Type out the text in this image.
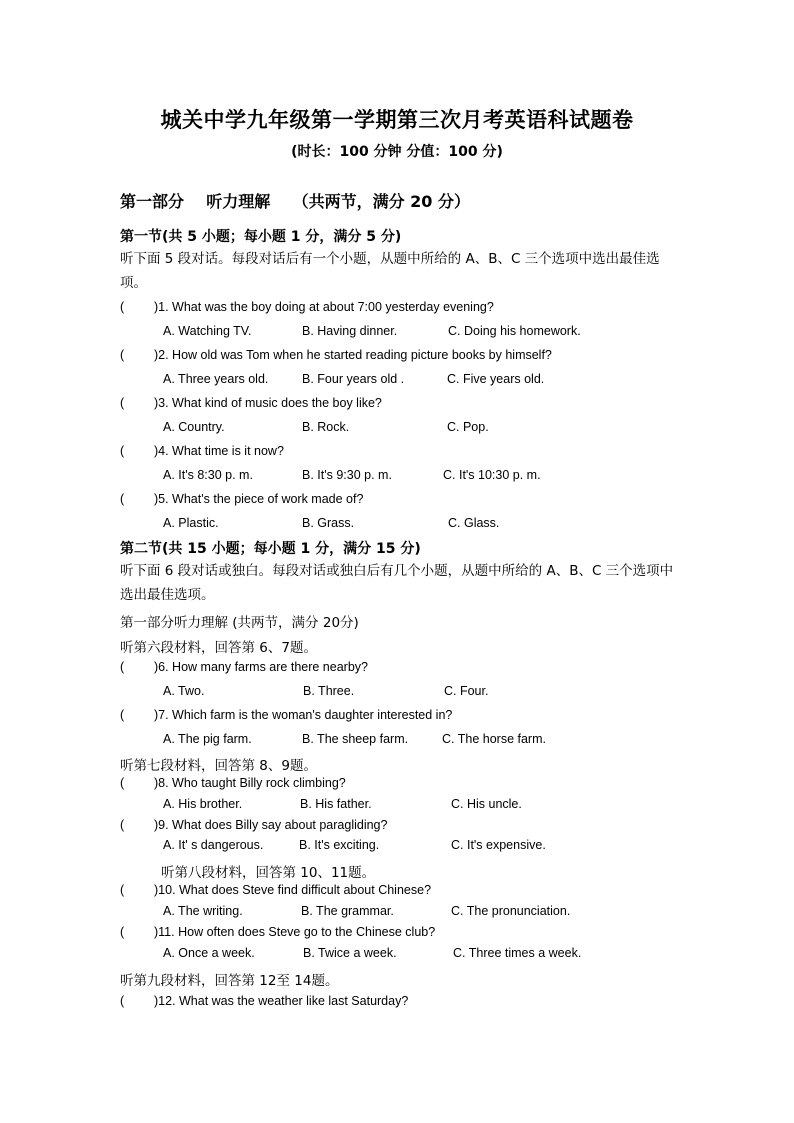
城关中学九年级第一学期第三次月考英语科试题卷
(时长：100 分钟 分值：100 分)
第一部分    听力理解    （共两节，满分 20 分）
第一节(共 5 小题；每小题 1 分，满分 5 分)
听下面 5 段对话。每段对话后有一个小题，从题中所给的 A、B、C 三个选项中选出最佳选项。
( )1. What was the boy doing at about 7:00 yesterday evening?
A. Watching TV.	B. Having dinner.	C. Doing his homework.
( )2. How old was Tom when he started reading picture books by himself?
A. Three years old.	B. Four years old .	C. Five years old.
( )3. What kind of music does the boy like?
A. Country.	B. Rock.	C. Pop.
( )4. What time is it now?
A. It's 8:30 p. m.	B. It's 9:30 p. m.	C. It's 10:30 p. m.
( )5. What's the piece of work made of?
A. Plastic.	B. Grass.	C. Glass.
第二节(共 15 小题；每小题 1 分，满分 15 分)
听下面 6 段对话或独白。每段对话或独白后有几个小题，从题中所给的 A、B、C 三个选项中选出最佳选项。
第一部分听力理解 (共两节，满分 20分)
听第六段材料，回答第 6、7题。
( )6. How many farms are there nearby?
A. Two.	B. Three.	C. Four.
( )7. Which farm is the woman's daughter interested in?
A. The pig farm.	B. The sheep farm.	C. The horse farm.
听第七段材料，回答第 8、9题。
( )8. Who taught Billy rock climbing?
A. His brother.	B. His father.	C. His uncle.
( )9. What does Billy say about paragliding?
A. It' s dangerous.	B. It's exciting.	C. It's expensive.
听第八段材料，回答第 10、11题。
( )10. What does Steve find difficult about Chinese?
A. The writing.	B. The grammar.	C. The pronunciation.
( )11. How often does Steve go to the Chinese club?
A. Once a week.	B. Twice a week.	C. Three times a week.
听第九段材料，回答第 12至 14题。
( )12. What was the weather like last Saturday?
